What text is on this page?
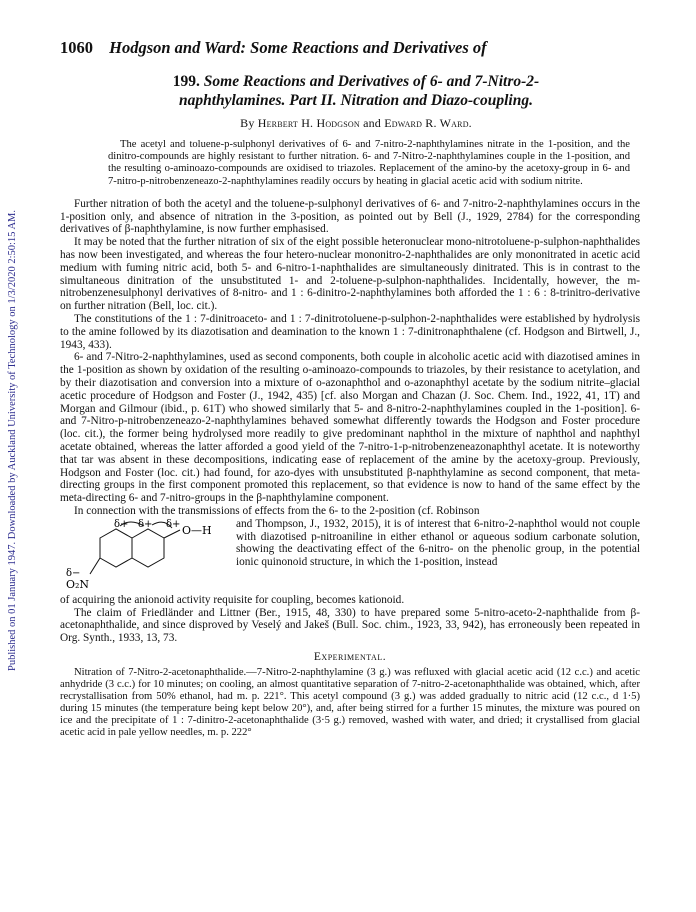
Published on 01 January 1947. Downloaded by Auckland University of Technology on 1/3/2020 2:50:15 AM.
1060 Hodgson and Ward: Some Reactions and Derivatives of

199. Some Reactions and Derivatives of 6- and 7-Nitro-2-
naphthylamines. Part II. Nitration and Diazo-coupling.

By Herbert H. Hodgson and Edward R. Ward.
The acetyl and toluene-p-sulphonyl derivatives of 6- and 7-nitro-2-naphthylamines nitrate in the 1-position, and the dinitro-compounds are highly resistant to further nitration. 6- and 7-Nitro-2-naphthylamines couple in the 1-position, and the resulting o-aminoazo-compounds are oxidised to triazoles. Replacement of the amino-by the acetoxy-group in 6- and 7-nitro-p-nitrobenzeneazo-2-naphthylamines readily occurs by heating in glacial acetic acid with sodium nitrite.

Further nitration of both the acetyl and the toluene-p-sulphonyl derivatives of 6- and 7-nitro-2-naphthylamines occurs in the 1-position only, and absence of nitration in the 3-position, as pointed out by Bell (J., 1929, 2784) for the corresponding derivatives of β-naphthylamine, is now further emphasised.

It may be noted that the further nitration of six of the eight possible heteronuclear mono-nitrotoluene-p-sulphon-naphthalides has now been investigated, and whereas the four hetero-nuclear mononitro-2-naphthalides are only mononitrated in acetic acid medium with fuming nitric acid, both 5- and 6-nitro-1-naphthalides are simultaneously dinitrated. This is in contrast to the simultaneous dinitration of the unsubstituted 1- and 2-toluene-p-sulphon-naphthalides. Incidentally, however, the m-nitrobenzenesulphonyl derivatives of 8-nitro- and 1 : 6-dinitro-2-naphthylamines both afforded the 1 : 6 : 8-trinitro-derivative on further nitration (Bell, loc. cit.).

The constitutions of the 1 : 7-dinitroaceto- and 1 : 7-dinitrotoluene-p-sulphon-2-naphthalides were established by hydrolysis to the amine followed by its diazotisation and deamination to the known 1 : 7-dinitronaphthalene (cf. Hodgson and Birtwell, J., 1943, 433).

6- and 7-Nitro-2-naphthylamines, used as second components, both couple in alcoholic acetic acid with diazotised amines in the 1-position as shown by oxidation of the resulting o-aminoazo-compounds to triazoles, by their resistance to acetylation, and by their diazotisation and conversion into a mixture of o-azonaphthol and o-azonaphthyl acetate by the sodium nitrite–glacial acetic procedure of Hodgson and Foster (J., 1942, 435) [cf. also Morgan and Chazan (J. Soc. Chem. Ind., 1922, 41, 1T) and Morgan and Gilmour (ibid., p. 61T) who showed similarly that 5- and 8-nitro-2-naphthylamines coupled in the 1-position]. 6- and 7-Nitro-p-nitrobenzeneazo-2-naphthylamines behaved somewhat differently towards the Hodgson and Foster procedure (loc. cit.), the former being hydrolysed more readily to give predominant naphthol in the mixture of naphthol and naphthyl acetate obtained, whereas the latter afforded a good yield of the 7-nitro-1-p-nitrobenzeneazonaphthyl acetate. It is noteworthy that tar was absent in these decompositions, indicating ease of replacement of the amine by the acetoxy-group. Previously, Hodgson and Foster (loc. cit.) had found, for azo-dyes with unsubstituted β-naphthylamine as second component, that meta-directing groups in the first component promoted this replacement, so that evidence is now to hand of the same effect by the meta-directing 6- and 7-nitro-groups in the β-naphthylamine component.

In connection with the transmissions of effects from the 6- to the 2-position (cf. Robinson

δ+ δ+ δ+ O—H
δ−
O₂N
and Thompson, J., 1932, 2015), it is of interest that 6-nitro-2-naphthol would not couple with diazotised p-nitroaniline in either ethanol or aqueous sodium carbonate solution, showing the deactivating effect of the 6-nitro- on the phenolic group, in the potential ionic quinonoid structure, in which the 1-position, instead

of acquiring the anionoid activity requisite for coupling, becomes kationoid.

The claim of Friedländer and Littner (Ber., 1915, 48, 330) to have prepared some 5-nitro-aceto-2-naphthalide from β-acetonaphthalide, and since disproved by Veselý and Jakeš (Bull. Soc. chim., 1923, 33, 942), has erroneously been repeated in Org. Synth., 1933, 13, 73.

Experimental.

Nitration of 7-Nitro-2-acetonaphthalide.—7-Nitro-2-naphthylamine (3 g.) was refluxed with glacial acetic acid (12 c.c.) and acetic anhydride (3 c.c.) for 10 minutes; on cooling, an almost quantitative separation of 7-nitro-2-acetonaphthalide was obtained, which, after recrystallisation from 50% ethanol, had m. p. 221°. This acetyl compound (3 g.) was added gradually to nitric acid (12 c.c., d 1·5) during 15 minutes (the temperature being kept below 20°), and, after being stirred for a further 15 minutes, the mixture was poured on ice and the precipitate of 1 : 7-dinitro-2-acetonaphthalide (3·5 g.) removed, washed with water, and dried; it crystallised from glacial acetic acid in pale yellow needles, m. p. 222°
